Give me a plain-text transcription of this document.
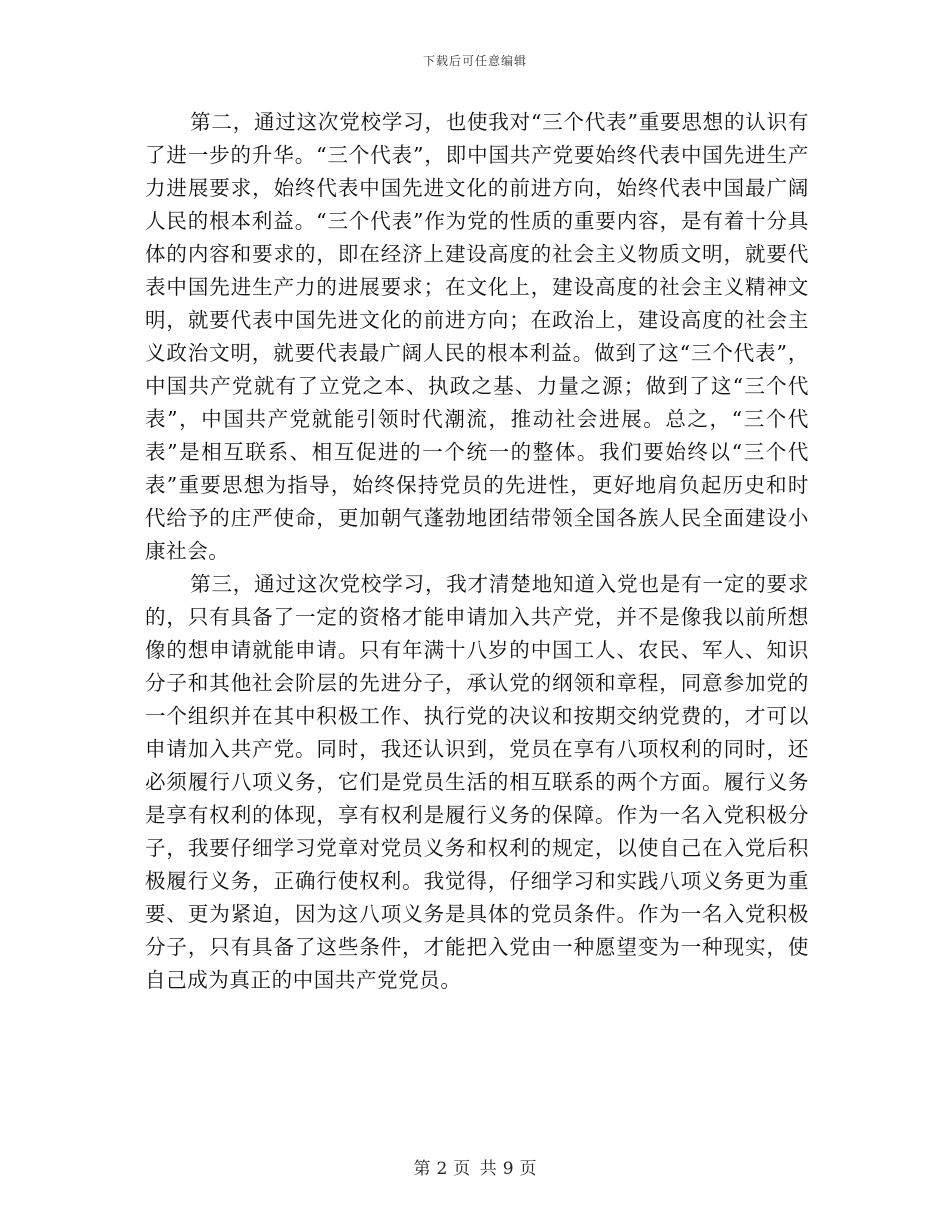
下载后可任意编辑

第二，通过这次党校学习，也使我对“三个代表”重要思想的认识有了进一步的升华。“三个代表”，即中国共产党要始终代表中国先进生产力进展要求，始终代表中国先进文化的前进方向，始终代表中国最广阔人民的根本利益。“三个代表”作为党的性质的重要内容，是有着十分具体的内容和要求的，即在经济上建设高度的社会主义物质文明，就要代表中国先进生产力的进展要求；在文化上，建设高度的社会主义精神文明，就要代表中国先进文化的前进方向；在政治上，建设高度的社会主义政治文明，就要代表最广阔人民的根本利益。做到了这“三个代表”，中国共产党就有了立党之本、执政之基、力量之源；做到了这“三个代表”，中国共产党就能引领时代潮流，推动社会进展。总之，“三个代表”是相互联系、相互促进的一个统一的整体。我们要始终以“三个代表”重要思想为指导，始终保持党员的先进性，更好地肩负起历史和时代给予的庄严使命，更加朝气蓬勃地团结带领全国各族人民全面建设小康社会。

第三，通过这次党校学习，我才清楚地知道入党也是有一定的要求的，只有具备了一定的资格才能申请加入共产党，并不是像我以前所想像的想申请就能申请。只有年满十八岁的中国工人、农民、军人、知识分子和其他社会阶层的先进分子，承认党的纲领和章程，同意参加党的一个组织并在其中积极工作、执行党的决议和按期交纳党费的，才可以申请加入共产党。同时，我还认识到，党员在享有八项权利的同时，还必须履行八项义务，它们是党员生活的相互联系的两个方面。履行义务是享有权利的体现，享有权利是履行义务的保障。作为一名入党积极分子，我要仔细学习党章对党员义务和权利的规定，以使自己在入党后积极履行义务，正确行使权利。我觉得，仔细学习和实践八项义务更为重要、更为紧迫，因为这八项义务是具体的党员条件。作为一名入党积极分子，只有具备了这些条件，才能把入党由一种愿望变为一种现实，使自己成为真正的中国共产党党员。

第 2 页 共 9 页
